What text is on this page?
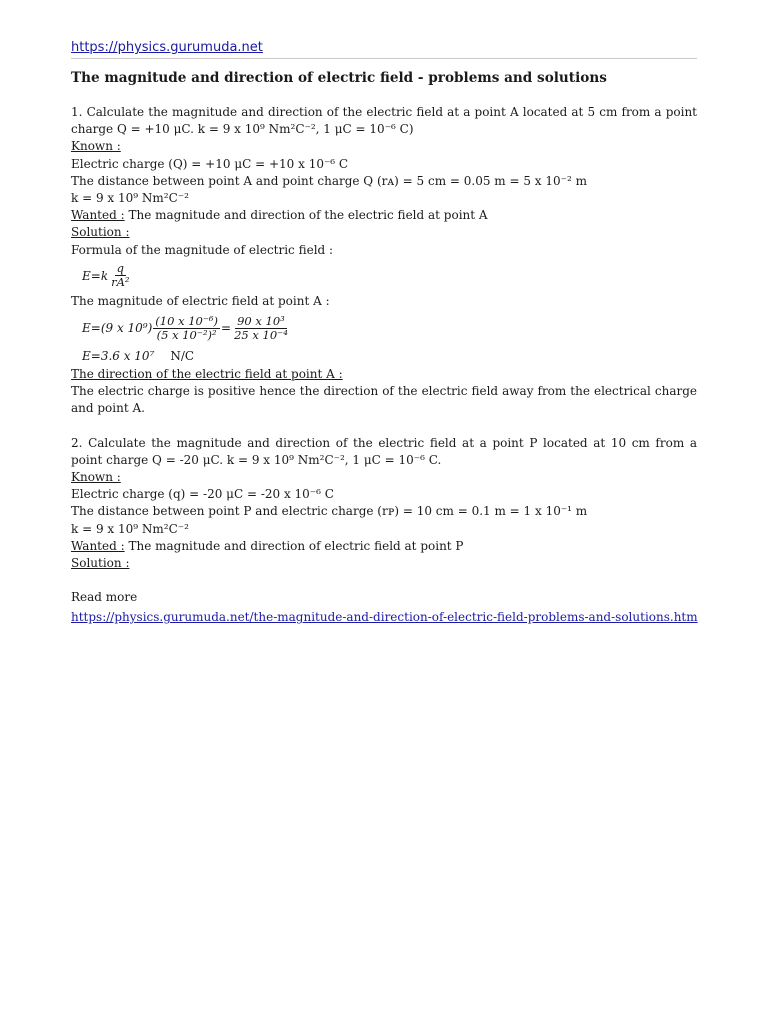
https://physics.gurumuda.net
The magnitude and direction of electric field - problems and solutions

1. Calculate the magnitude and direction of the electric field at a point A located at 5 cm from a point charge Q = +10 μC. k = 9 x 10⁹ Nm²C⁻², 1 μC = 10⁻⁶ C)

Known :

Electric charge (Q) = +10 μC = +10 x 10⁻⁶ C

The distance between point A and point charge Q (rᴀ) = 5 cm = 0.05 m = 5 x 10⁻² m

k = 9 x 10⁹ Nm²C⁻²

Wanted : The magnitude and direction of the electric field at point A

Solution :

Formula of the magnitude of electric field :

$E=k \frac{q}{\text{rA²}}$

The magnitude of electric field at point A :

E=(9 x $10^9) \frac{\text{(10 x 10⁻⁶)}}{\text{(5 x 10⁻²)²}} = \frac{\text{90 x 10³}}{\text{25 x 10⁻⁴}}$
E=3.6 x 10⁷ N/C

The direction of the electric field at point A :

The electric charge is positive hence the direction of the electric field away from the electrical charge and point A.

2. Calculate the magnitude and direction of the electric field at a point P located at 10 cm from a point charge Q = -20 μC. k = 9 x 10⁹ Nm²C⁻², 1 μC = 10⁻⁶ C.

Known :

Electric charge (q) = -20 μC = -20 x 10⁻⁶ C

The distance between point P and electric charge (rᴘ) = 10 cm = 0.1 m = 1 x 10⁻¹ m

k = 9 x 10⁹ Nm²C⁻²

Wanted : The magnitude and direction of electric field at point P

Solution :

Read more

https://physics.gurumuda.net/the-magnitude-and-direction-of-electric-field-problems-and-solutions.htm
